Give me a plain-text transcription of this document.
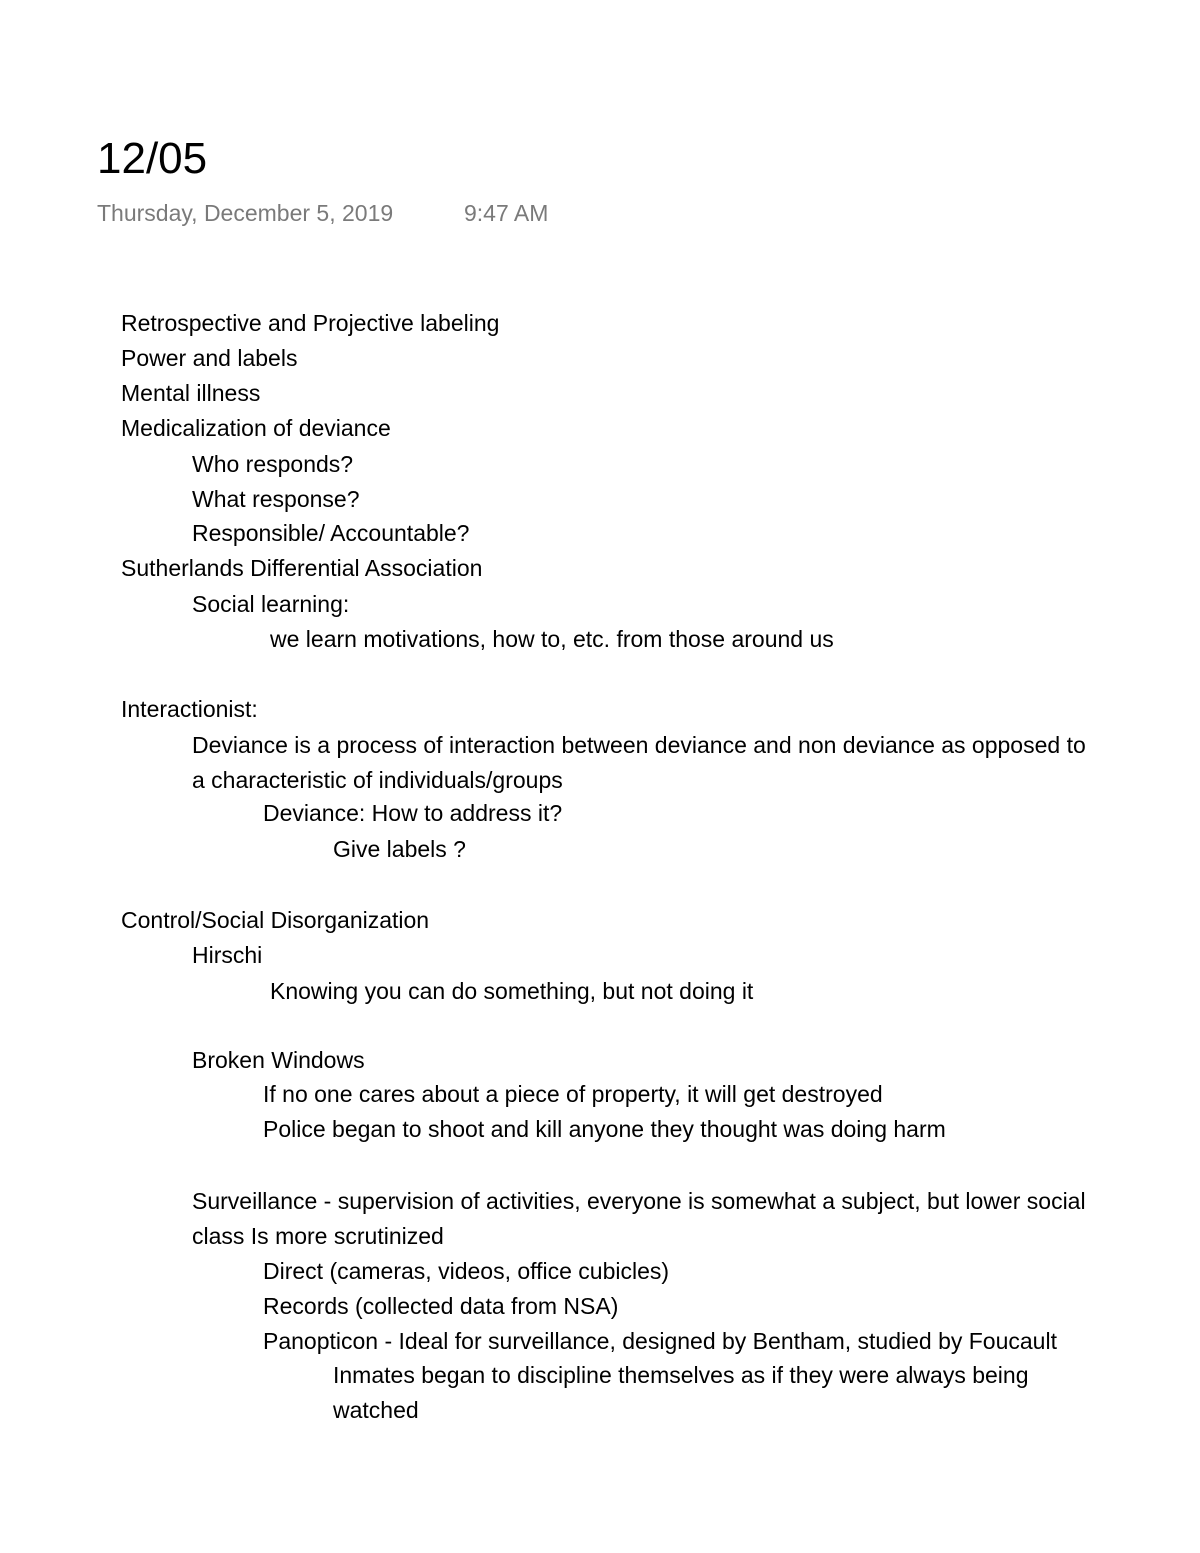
12/05
Thursday, December 5, 2019	9:47 AM
Retrospective and Projective labeling
Power and labels
Mental illness
Medicalization of deviance
Who responds?
What response?
Responsible/ Accountable?
Sutherlands Differential Association
Social learning:
we learn motivations, how to, etc. from those around us
Interactionist:
Deviance is a process of interaction between deviance and non deviance as opposed to
a characteristic of individuals/groups
Deviance: How to address it?
Give labels ?
Control/Social Disorganization
Hirschi
Knowing you can do something, but not doing it
Broken Windows
If no one cares about a piece of property, it will get destroyed
Police began to shoot and kill anyone they thought was doing harm
Surveillance - supervision of activities, everyone is somewhat a subject, but lower social
class Is more scrutinized
Direct (cameras, videos, office cubicles)
Records (collected data from NSA)
Panopticon - Ideal for surveillance, designed by Bentham, studied by Foucault
Inmates began to discipline themselves as if they were always being
watched
